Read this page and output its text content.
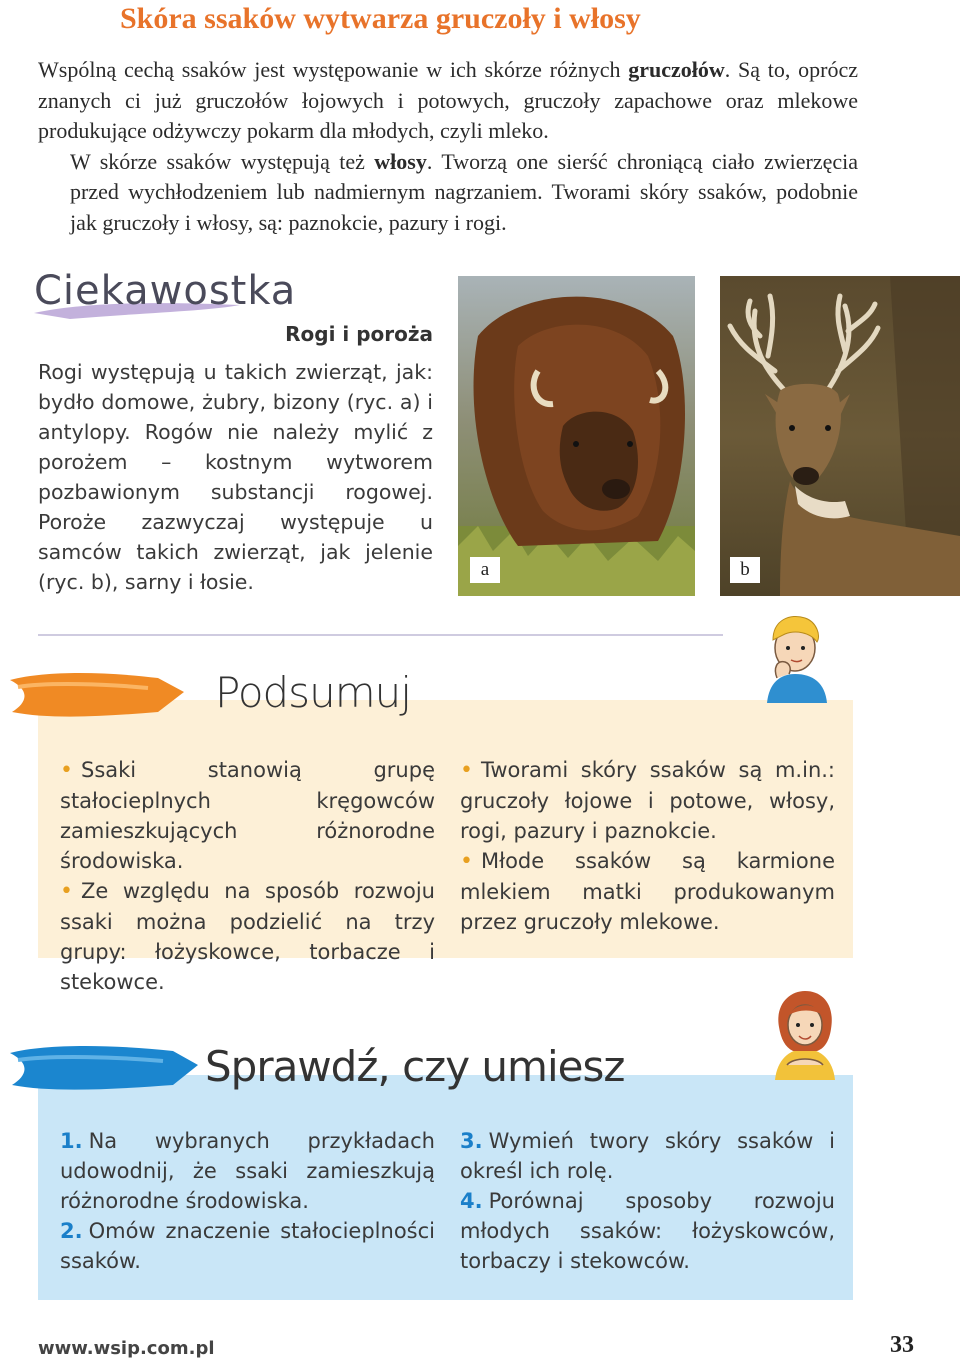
Skóra ssaków wytwarza gruczoły i włosy

Wspólną cechą ssaków jest występowanie w ich skórze różnych gruczołów. Są to, oprócz znanych ci już gruczołów łojowych i potowych, gruczoły zapachowe oraz mlekowe produkujące odżywczy pokarm dla młodych, czyli mleko.

W skórze ssaków występują też włosy. Tworzą one sierść chroniącą ciało zwierzęcia przed wychłodzeniem lub nadmiernym nagrzaniem. Tworami skóry ssaków, podobnie jak gruczoły i włosy, są: paznokcie, pazury i rogi.

Ciekawostka
Rogi i poroża

Rogi występują u takich zwierząt, jak: bydło domowe, żubry, bizony (ryc. a) i antylopy. Rogów nie należy mylić z porożem – kostnym wytworem pozbawionym substancji rogowej. Poroże zazwyczaj występuje u samców takich zwierząt, jak jelenie (ryc. b), sarny i łosie.

a	b
Podsumuj

• Ssaki stanowią grupę stałocieplnych kręgowców zamieszkujących różnorodne środowiska.

• Ze względu na sposób rozwoju ssaki można podzielić na trzy grupy: łożyskowce, torbacze i stekowce.

• Tworami skóry ssaków są m.in.: gruczoły łojowe i potowe, włosy, rogi, pazury i paznokcie.

• Młode ssaków są karmione mlekiem matki produkowanym przez gruczoły mlekowe.

Sprawdź, czy umiesz

1. Na wybranych przykładach udowodnij, że ssaki zamieszkują różnorodne środowiska.

2. Omów znaczenie stałocieplności ssaków.

3. Wymień twory skóry ssaków i określ ich rolę.

4. Porównaj sposoby rozwoju młodych ssaków: łożyskowców, torbaczy i stekowców.

www.wsip.com.pl	33
